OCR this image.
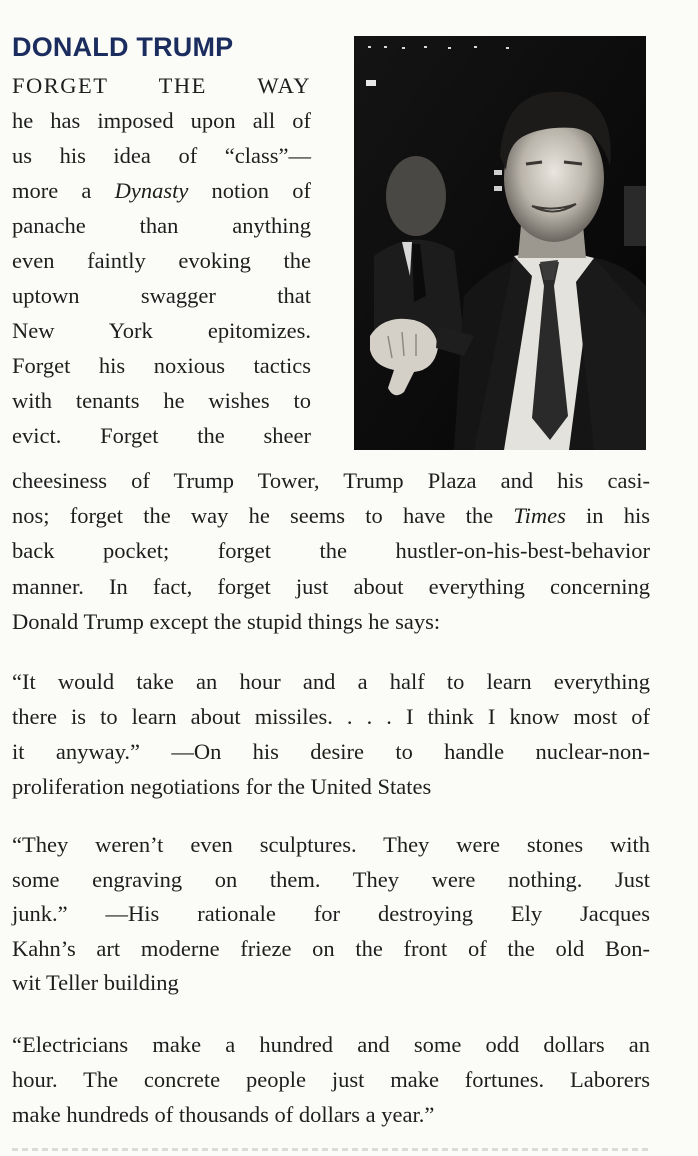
DONALD TRUMP
FORGET THE WAY
he has imposed upon all of
us his idea of “class”—
more a Dynasty notion of
panache than anything
even faintly evoking the
uptown swagger that
New York epitomizes.
Forget his noxious tactics
with tenants he wishes to
evict. Forget the sheer
cheesiness of Trump Tower, Trump Plaza and his casi-
nos; forget the way he seems to have the Times in his
back pocket; forget the hustler-on-his-best-behavior
manner. In fact, forget just about everything concerning
Donald Trump except the stupid things he says:
“It would take an hour and a half to learn everything
there is to learn about missiles. . . . I think I know most of
it anyway.” —On his desire to handle nuclear-non-
proliferation negotiations for the United States
“They weren’t even sculptures. They were stones with
some engraving on them. They were nothing. Just
junk.” —His rationale for destroying Ely Jacques
Kahn’s art moderne frieze on the front of the old Bon-
wit Teller building
“Electricians make a hundred and some odd dollars an
hour. The concrete people just make fortunes. Laborers
make hundreds of thousands of dollars a year.”
